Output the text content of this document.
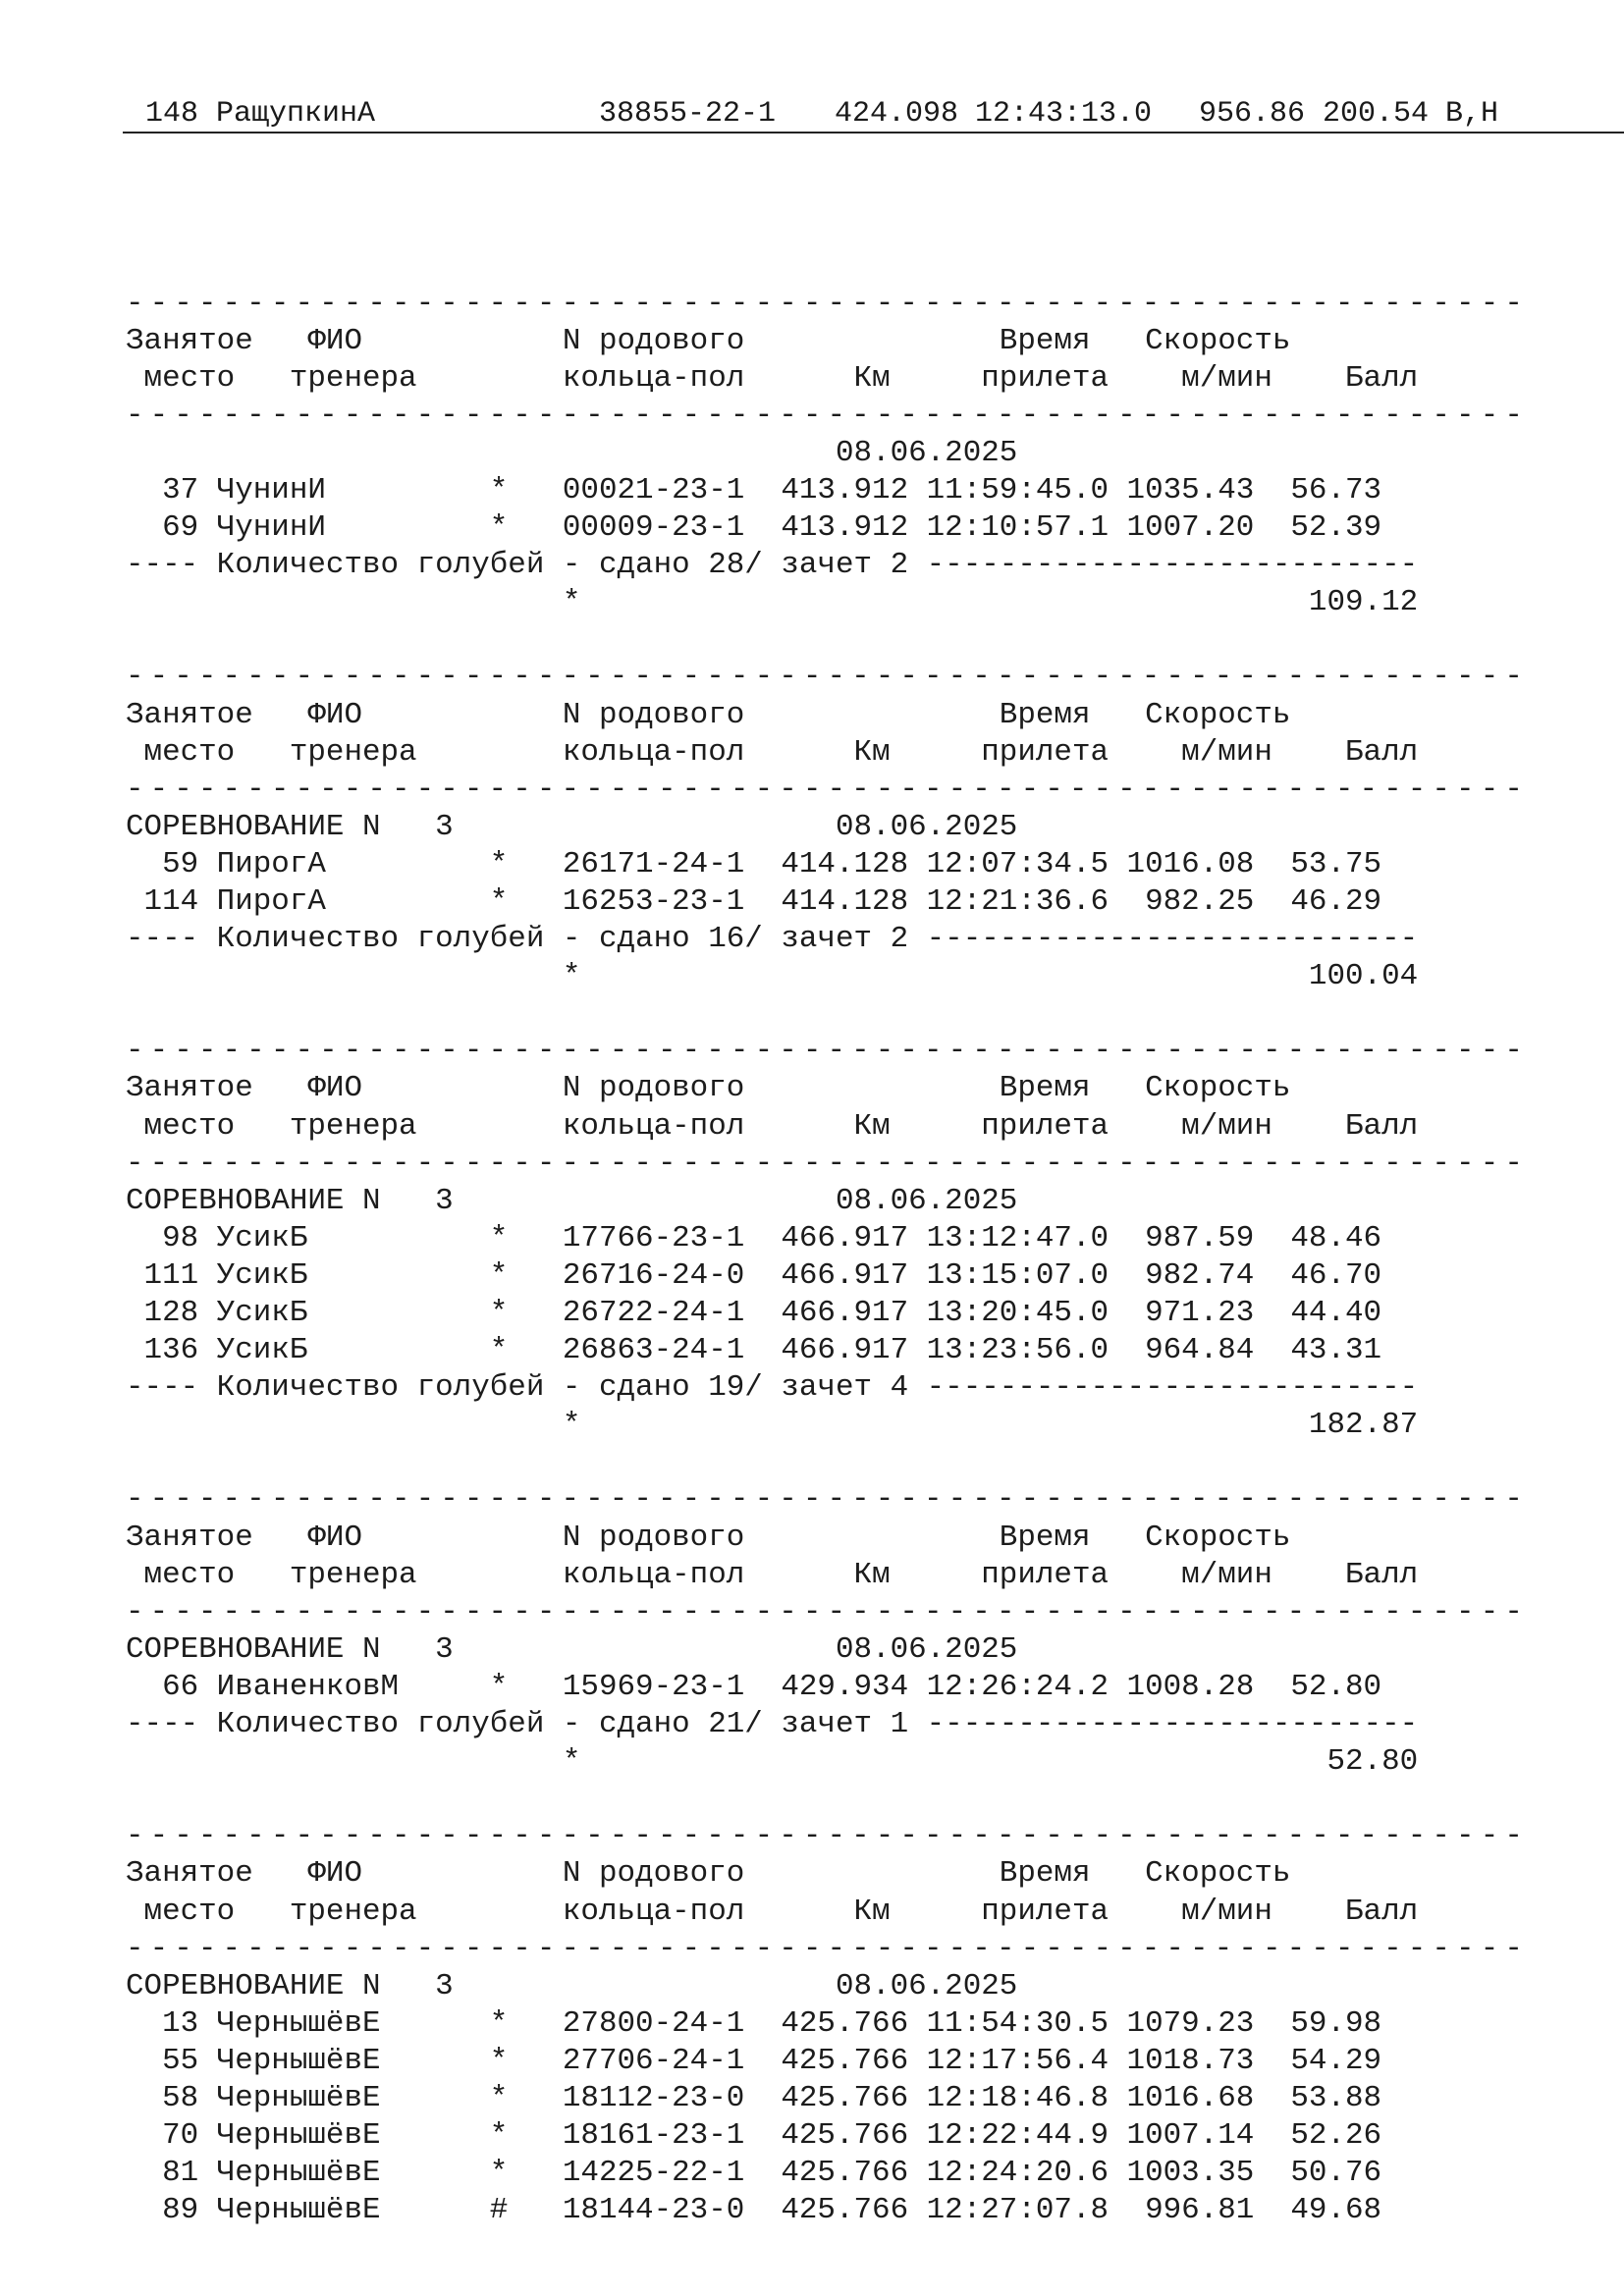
148 РащупкинА

	38855-22-1

424.098

12:43:13.0

956.86

200.54

В,Н

----------------------------------------------------------
Занятое   ФИО           N родового              Время   Скорость
место   тренера        кольца-пол      Км     прилета    м/мин    Балл
----------------------------------------------------------
08.06.2025
37 ЧунинИ         *   00021-23-1  413.912 11:59:45.0 1035.43  56.73
69 ЧунинИ         *   00009-23-1  413.912 12:10:57.1 1007.20  52.39
---- Количество голубей - сдано 28/ зачет 2 ---------------------------
*                                        109.12
----------------------------------------------------------
Занятое   ФИО           N родового              Время   Скорость
место   тренера        кольца-пол      Км     прилета    м/мин    Балл
----------------------------------------------------------
СОРЕВНОВАНИЕ N   3                     08.06.2025
59 ПирогА         *   26171-24-1  414.128 12:07:34.5 1016.08  53.75
114 ПирогА         *   16253-23-1  414.128 12:21:36.6  982.25  46.29
---- Количество голубей - сдано 16/ зачет 2 ---------------------------
*                                        100.04
----------------------------------------------------------
Занятое   ФИО           N родового              Время   Скорость
место   тренера        кольца-пол      Км     прилета    м/мин    Балл
----------------------------------------------------------
СОРЕВНОВАНИЕ N   3                     08.06.2025
98 УсикБ          *   17766-23-1  466.917 13:12:47.0  987.59  48.46
111 УсикБ          *   26716-24-0  466.917 13:15:07.0  982.74  46.70
128 УсикБ          *   26722-24-1  466.917 13:20:45.0  971.23  44.40
136 УсикБ          *   26863-24-1  466.917 13:23:56.0  964.84  43.31
---- Количество голубей - сдано 19/ зачет 4 ---------------------------
*                                        182.87
----------------------------------------------------------
Занятое   ФИО           N родового              Время   Скорость
место   тренера        кольца-пол      Км     прилета    м/мин    Балл
----------------------------------------------------------
СОРЕВНОВАНИЕ N   3                     08.06.2025
66 ИваненковМ     *   15969-23-1  429.934 12:26:24.2 1008.28  52.80
---- Количество голубей - сдано 21/ зачет 1 ---------------------------
*                                         52.80
----------------------------------------------------------
Занятое   ФИО           N родового              Время   Скорость
место   тренера        кольца-пол      Км     прилета    м/мин    Балл
----------------------------------------------------------
СОРЕВНОВАНИЕ N   3                     08.06.2025
13 ЧернышёвЕ      *   27800-24-1  425.766 11:54:30.5 1079.23  59.98
55 ЧернышёвЕ      *   27706-24-1  425.766 12:17:56.4 1018.73  54.29
58 ЧернышёвЕ      *   18112-23-0  425.766 12:18:46.8 1016.68  53.88
70 ЧернышёвЕ      *   18161-23-1  425.766 12:22:44.9 1007.14  52.26
81 ЧернышёвЕ      *   14225-22-1  425.766 12:24:20.6 1003.35  50.76
89 ЧернышёвЕ      #   18144-23-0  425.766 12:27:07.8  996.81  49.68
